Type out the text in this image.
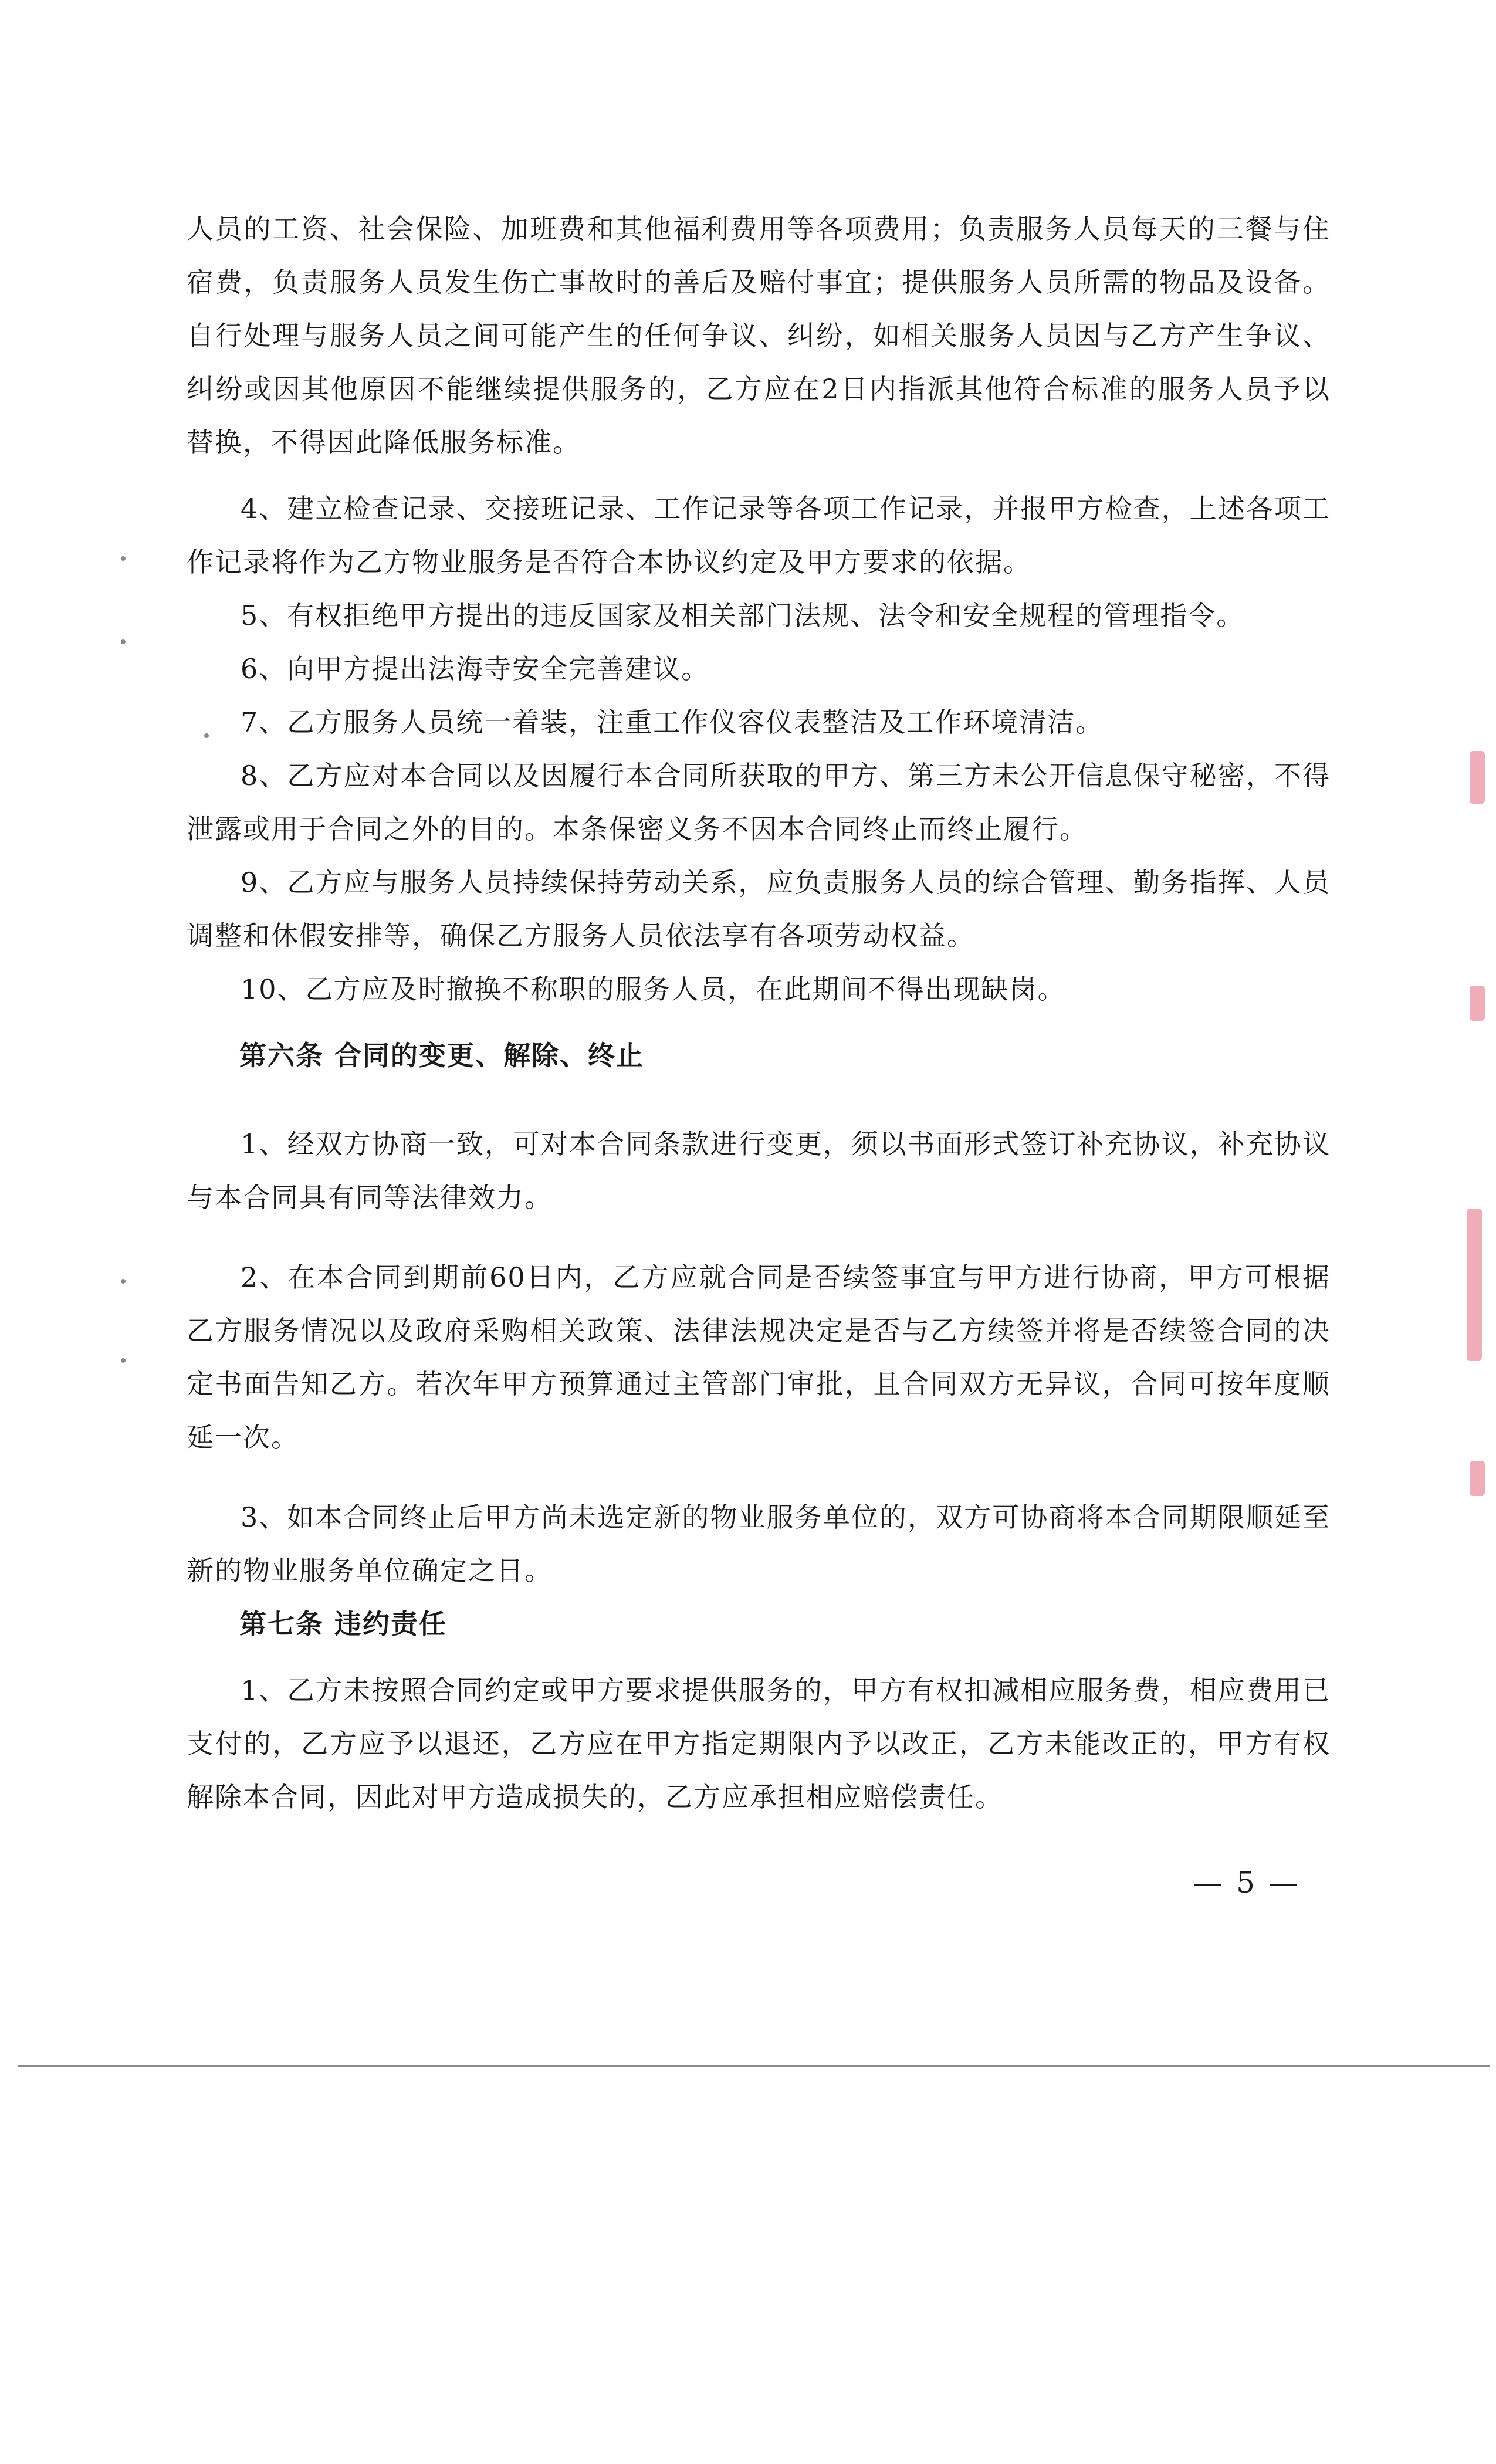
人员的工资、社会保险、加班费和其他福利费用等各项费用；负责服务人员每天的三餐与住宿费，负责服务人员发生伤亡事故时的善后及赔付事宜；提供服务人员所需的物品及设备。自行处理与服务人员之间可能产生的任何争议、纠纷，如相关服务人员因与乙方产生争议、纠纷或因其他原因不能继续提供服务的，乙方应在2日内指派其他符合标准的服务人员予以替换，不得因此降低服务标准。

4、建立检查记录、交接班记录、工作记录等各项工作记录，并报甲方检查，上述各项工作记录将作为乙方物业服务是否符合本协议约定及甲方要求的依据。

5、有权拒绝甲方提出的违反国家及相关部门法规、法令和安全规程的管理指令。

6、向甲方提出法海寺安全完善建议。

7、乙方服务人员统一着装，注重工作仪容仪表整洁及工作环境清洁。

8、乙方应对本合同以及因履行本合同所获取的甲方、第三方未公开信息保守秘密，不得泄露或用于合同之外的目的。本条保密义务不因本合同终止而终止履行。

9、乙方应与服务人员持续保持劳动关系，应负责服务人员的综合管理、勤务指挥、人员调整和休假安排等，确保乙方服务人员依法享有各项劳动权益。

10、乙方应及时撤换不称职的服务人员，在此期间不得出现缺岗。

第六条 合同的变更、解除、终止

1、经双方协商一致，可对本合同条款进行变更，须以书面形式签订补充协议，补充协议与本合同具有同等法律效力。

2、在本合同到期前60日内，乙方应就合同是否续签事宜与甲方进行协商，甲方可根据乙方服务情况以及政府采购相关政策、法律法规决定是否与乙方续签并将是否续签合同的决定书面告知乙方。若次年甲方预算通过主管部门审批，且合同双方无异议，合同可按年度顺延一次。

3、如本合同终止后甲方尚未选定新的物业服务单位的，双方可协商将本合同期限顺延至新的物业服务单位确定之日。

第七条 违约责任

1、乙方未按照合同约定或甲方要求提供服务的，甲方有权扣减相应服务费，相应费用已支付的，乙方应予以退还，乙方应在甲方指定期限内予以改正，乙方未能改正的，甲方有权解除本合同，因此对甲方造成损失的，乙方应承担相应赔偿责任。

— 5 —
